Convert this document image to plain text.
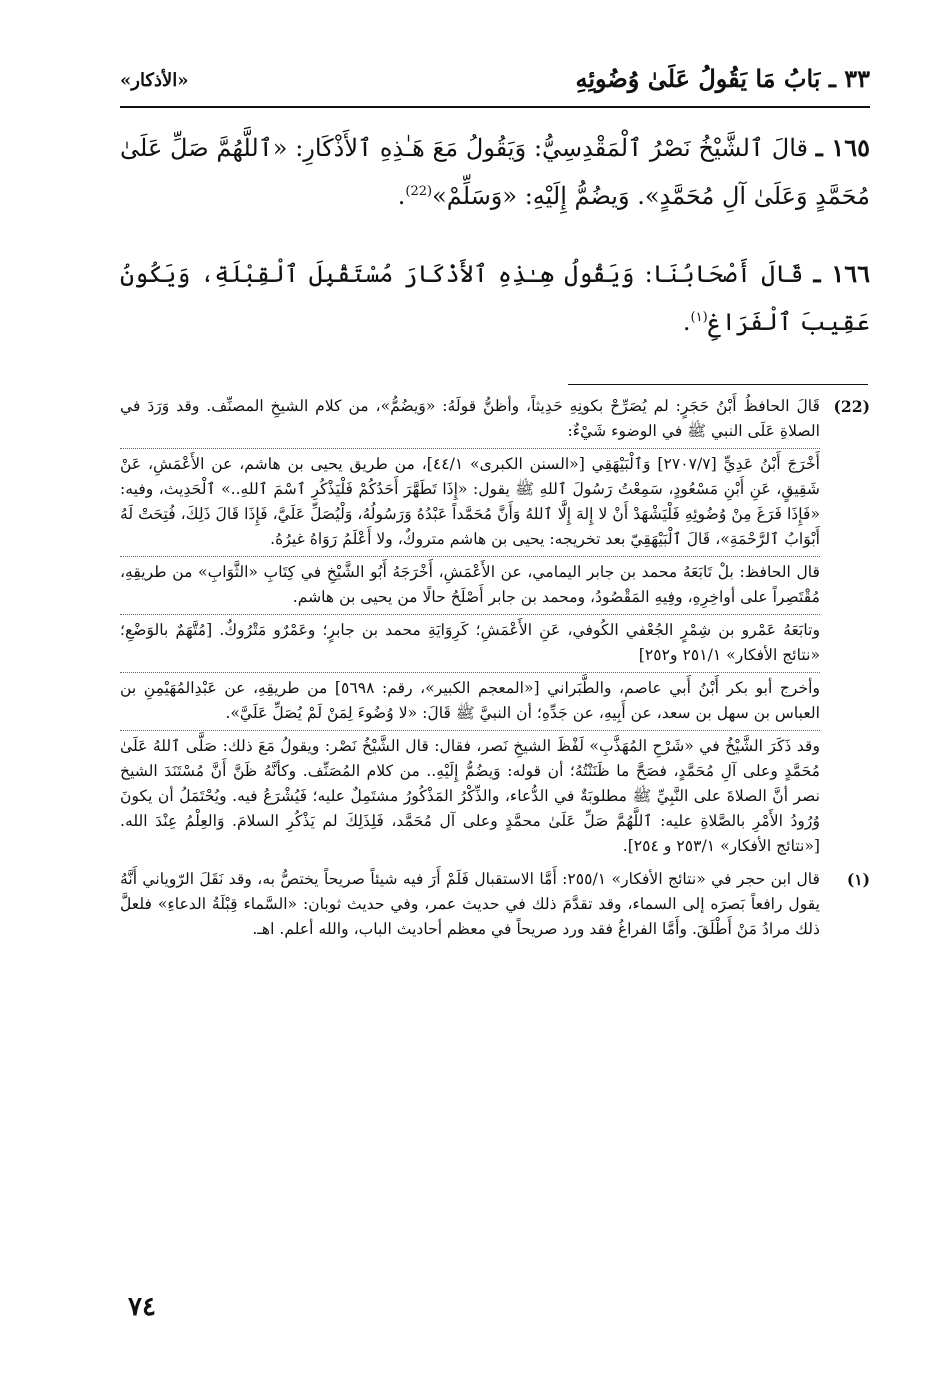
٣٣ ـ بَابُ مَا يَقُولُ عَلَىٰ وُضُوئِهِ
«الأذكار»

١٦٥ ـ قالَ ٱلشَّيْخُ نَصْرُ ٱلْمَقْدِسِيُّ: وَيَقُولُ مَعَ هَـٰذِهِ ٱلأَذْكَارِ: «ٱللَّهُمَّ صَلِّ عَلَىٰ مُحَمَّدٍ وَعَلَىٰ آلِ مُحَمَّدٍ». وَيضُمُّ إِلَيْهِ: «وَسَلِّمْ»$^{(22)}$.

١٦٦ ـ قَالَ أَصْحَابُنَا: وَيَقُولُ هِـٰذِهِ ٱلأَذْكَارَ مُسْتَقْبِلَ ٱلْقِبْلَةِ، وَيَكُونُ عَقِيبَ ٱلْفَرَاغِ$^{(١)}$.

(22)

قَالَ الحافظُ أَبْنُ حَجَرٍ: لم يُصَرِّحْ بكونِهِ حَدِيثاً، وأظنُّ قولَهُ: «وَيضُمُّ»، من كلام الشيخِ المصنِّف. وقد وَرَدَ في الصلاةِ عَلَى النبي ﷺ في الوضوء شَيْءٌ:

أَخْرَجَ أَبْنُ عَدِيٍّ [٢٧٠٧/٧] وَٱلْبَيْهَقِي [«السنن الكبرى» ٤٤/١]، من طريق يحيى بن هاشم، عن الأَعْمَشِ، عَنْ شَقِيقٍ، عَنِ أَبْنِ مَسْعُودٍ، سَمِعْتُ رَسُولَ ٱللهِ ﷺ يقول: «إِذَا تَطَهَّرَ أَحَدُكُمْ فَلْيَذْكُرِ ٱسْمَ ٱللهِ..» ٱلْحَدِيث، وفيه: «فَإِذَا فَرَغَ مِنْ وُضُوئِهِ فَلْيَشْهَدْ أَنْ لا إِلهَ إِلَّا ٱللهُ وَأَنَّ مُحَمَّداً عَبْدُهُ وَرَسُولُهُ، وَلْيُصَلِّ عَلَيَّ، فَإِذَا قَالَ ذَلِكَ، فُتِحَتْ لَهُ أَبْوَابُ ٱلرَّحْمَةِ»، قَالَ ٱلْبَيْهَقِيّ بعد تخريجه: يحيى بن هاشم متروكٌ، ولا أَعْلَمُ رَوَاهُ غيرُهُ.

قال الحافظ: بلْ تَابَعَهُ محمد بن جابر اليمامي، عن الأَعْمَشِ، أَخْرَجَهُ أَبُو الشَّيْخِ في كِتَابِ «الثَّوَابِ» من طريقِهِ، مُقْتَصِراً على أواخِرِهِ، وفِيهِ المَقْصُودُ، ومحمد بن جابر أَصْلَحُ حالًا من يحيى بن هاشم.

وتابَعَهُ عَمْرو بن شِمْرٍ الجُعْفي الكُوفي، عَنِ الأَعْمَشِ؛ كَرِوَايَةِ محمد بن جابرٍ؛ وعَمْرٌو مَتْرُوكٌ. [مُتَّهَمٌ بالوَضْعِ؛ «نتائج الأفكار» ٢٥١/١ و٢٥٢]

وأخرج أبو بكر أَبْنُ أَبي عاصم، والطَّبَراني [«المعجم الكبير»، رقم: ٥٦٩٨] من طريقِهِ، عن عَبْدِالمُهَيْمِنِ بن العباس بن سهل بن سعد، عن أَبِيهِ، عن جَدِّهِ؛ أن النبيَّ ﷺ قَالَ: «لا وُضُوءَ لِمَنْ لَمْ يُصَلِّ عَلَيَّ».

وقد ذَكَرَ الشَّيْخُ في «شَرْحِ المُهَذَّبِ» لَفْظَ الشيخِ نَصر، فقال: قال الشَّيْخُ نَصْر: ويقولُ مَعَ ذلك: صَلَّى ٱللهُ عَلَىٰ مُحَمَّدٍ وعلى آلِ مُحَمَّدٍ، فصَحَّ ما ظَنَنْتُهُ؛ أن قوله: وَيضُمُّ إِلَيْهِ.. من كلام المُصَنِّف. وكأنَّهُ ظَنَّ أَنَّ مُسْتَنَدَ الشيخ نصر أنَّ الصلاةَ على النَّبِيِّ ﷺ مطلوبَةٌ في الدُّعاء، والذِّكْرُ المَذْكُورُ مشتَمِلٌ عليه؛ فَيُشْرَعُ فيه. ويُحْتَمَلُ أن يكونَ وُرُودُ الأَمْرِ بالصَّلاةِ عليه: ٱللَّهُمَّ صَلِّ عَلَىٰ محمَّدٍ وعلى آل مُحَمَّد، فَلِذَلِكَ لم يَذْكُرِ السلامَ. وَالعِلْمُ عِنْدَ الله. [«نتائج الأفكار» ٢٥٣/١ و ٢٥٤].

(١)

قال ابن حجر في «نتائج الأفكار» ٢٥٥/١: أَمَّا الاستقبال فَلَمْ أَرَ فيه شيئاً صريحاً يختصُّ به، وقد نَقَلَ الرّوياني أَنَّهُ يقول رافعاً بَصرَه إلى السماء، وقد تقدَّمَ ذلك في حديث عمر، وفي حديث ثوبان: «السَّماء قِبْلَةُ الدعاءِ» فلعلَّ ذلك مرادُ مَنْ أَطْلَقَ. وأَمَّا الفراغُ فقد ورد صريحاً في معظم أحاديث الباب، والله أعلم. اهـ.

٧٤
